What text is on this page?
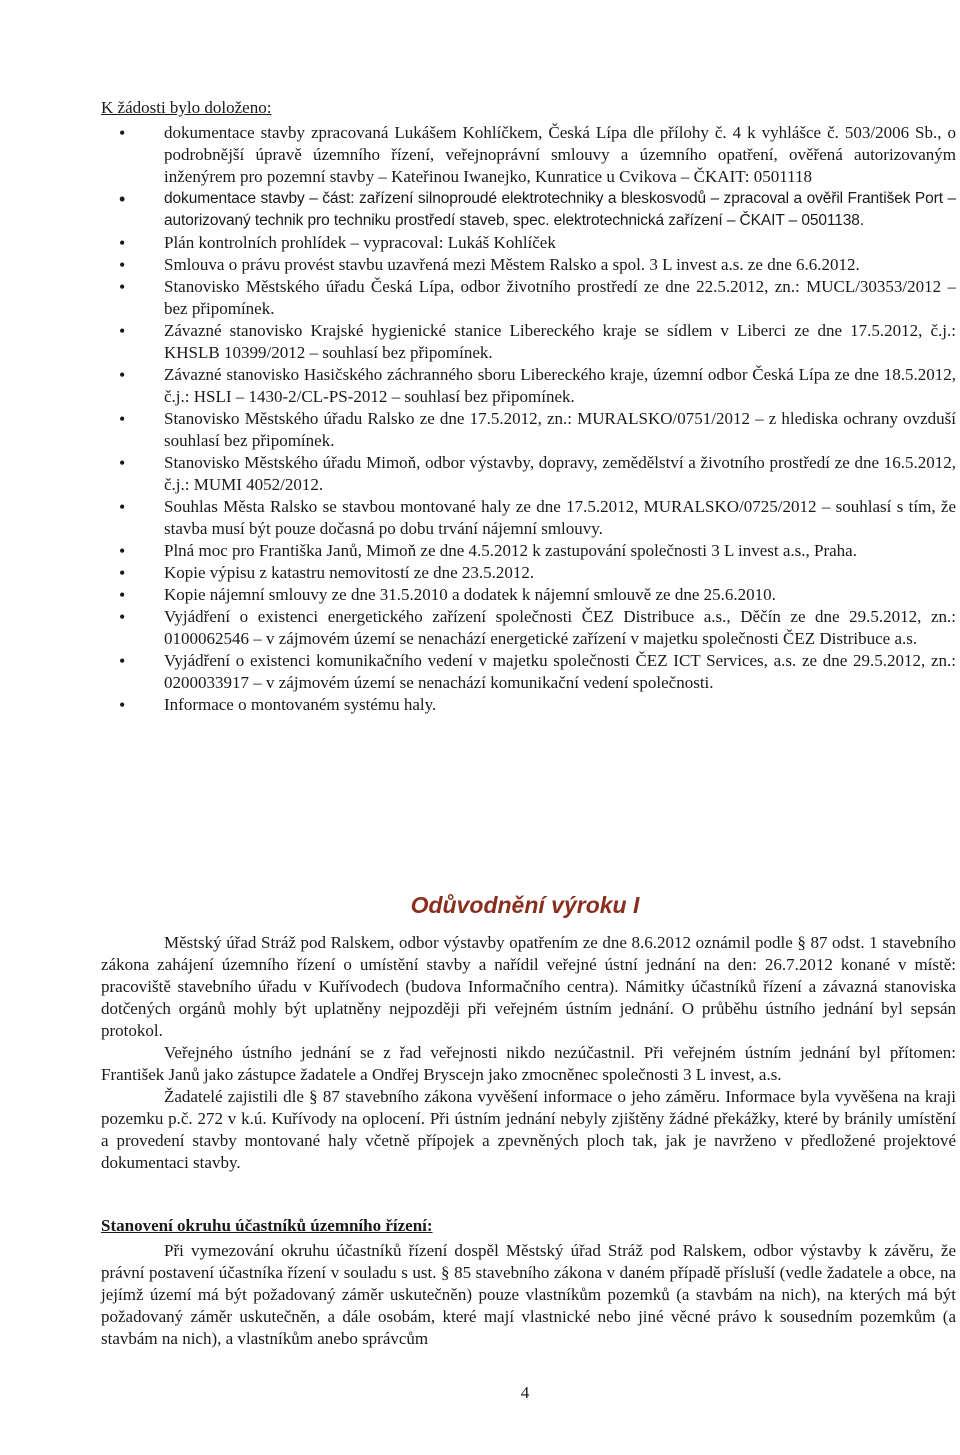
K žádosti bylo doloženo:

• dokumentace stavby zpracovaná Lukášem Kohlíčkem, Česká Lípa dle přílohy č. 4 k vyhlášce č. 503/2006 Sb., o podrobnější úpravě územního řízení, veřejnoprávní smlouvy a územního opatření, ověřená autorizovaným inženýrem pro pozemní stavby – Kateřinou Iwanejko, Kunratice u Cvikova – ČKAIT: 0501118
• dokumentace stavby – část: zařízení silnoproudé elektrotechniky a bleskosvodů – zpracoval a ověřil František Port – autorizovaný technik pro techniku prostředí staveb, spec. elektrotechnická zařízení – ČKAIT – 0501138.
• Plán kontrolních prohlídek – vypracoval: Lukáš Kohlíček
• Smlouva o právu provést stavbu uzavřená mezi Městem Ralsko a spol. 3 L invest a.s. ze dne 6.6.2012.
• Stanovisko Městského úřadu Česká Lípa, odbor životního prostředí ze dne 22.5.2012, zn.: MUCL/30353/2012 – bez připomínek.
• Závazné stanovisko Krajské hygienické stanice Libereckého kraje se sídlem v Liberci ze dne 17.5.2012, č.j.: KHSLB 10399/2012 – souhlasí bez připomínek.
• Závazné stanovisko Hasičského záchranného sboru Libereckého kraje, územní odbor Česká Lípa ze dne 18.5.2012, č.j.: HSLI – 1430-2/CL-PS-2012 – souhlasí bez připomínek.
• Stanovisko Městského úřadu Ralsko ze dne 17.5.2012, zn.: MURALSKO/0751/2012 – z hlediska ochrany ovzduší souhlasí bez připomínek.
• Stanovisko Městského úřadu Mimoň, odbor výstavby, dopravy, zemědělství a životního prostředí ze dne 16.5.2012, č.j.: MUMI 4052/2012.
• Souhlas Města Ralsko se stavbou montované haly ze dne 17.5.2012, MURALSKO/0725/2012 – souhlasí s tím, že stavba musí být pouze dočasná po dobu trvání nájemní smlouvy.
• Plná moc pro Františka Janů, Mimoň ze dne 4.5.2012 k zastupování společnosti 3 L invest a.s., Praha.
• Kopie výpisu z katastru nemovitostí ze dne 23.5.2012.
• Kopie nájemní smlouvy ze dne 31.5.2010 a dodatek k nájemní smlouvě ze dne 25.6.2010.
• Vyjádření o existenci energetického zařízení společnosti ČEZ Distribuce a.s., Děčín ze dne 29.5.2012, zn.: 0100062546 – v zájmovém území se nenachází energetické zařízení v majetku společnosti ČEZ Distribuce a.s.
• Vyjádření o existenci komunikačního vedení v majetku společnosti ČEZ ICT Services, a.s. ze dne 29.5.2012, zn.: 0200033917 – v zájmovém území se nenachází komunikační vedení společnosti.
• Informace o montovaném systému haly.
Odůvodnění výroku I

Městský úřad Stráž pod Ralskem, odbor výstavby opatřením ze dne 8.6.2012 oznámil podle § 87 odst. 1 stavebního zákona zahájení územního řízení o umístění stavby a nařídil veřejné ústní jednání na den: 26.7.2012 konané v místě: pracoviště stavebního úřadu v Kuřívodech (budova Informačního centra). Námitky účastníků řízení a závazná stanoviska dotčených orgánů mohly být uplatněny nejpozději při veřejném ústním jednání. O průběhu ústního jednání byl sepsán protokol.

Veřejného ústního jednání se z řad veřejnosti nikdo nezúčastnil. Při veřejném ústním jednání byl přítomen: František Janů jako zástupce žadatele a Ondřej Bryscejn jako zmocněnec společnosti 3 L invest, a.s.

Žadatelé zajistili dle § 87 stavebního zákona vyvěšení informace o jeho záměru. Informace byla vyvěšena na kraji pozemku p.č. 272 v k.ú. Kuřívody na oplocení. Při ústním jednání nebyly zjištěny žádné překážky, které by bránily umístění a provedení stavby montované haly včetně přípojek a zpevněných ploch tak, jak je navrženo v předložené projektové dokumentaci stavby.

Stanovení okruhu účastníků územního řízení:

Při vymezování okruhu účastníků řízení dospěl Městský úřad Stráž pod Ralskem, odbor výstavby k závěru, že právní postavení účastníka řízení v souladu s ust. § 85 stavebního zákona v daném případě přísluší (vedle žadatele a obce, na jejímž území má být požadovaný záměr uskutečněn) pouze vlastníkům pozemků (a stavbám na nich), na kterých má být požadovaný záměr uskutečněn, a dále osobám, které mají vlastnické nebo jiné věcné právo k sousedním pozemkům (a stavbám na nich), a vlastníkům anebo správcům

4
